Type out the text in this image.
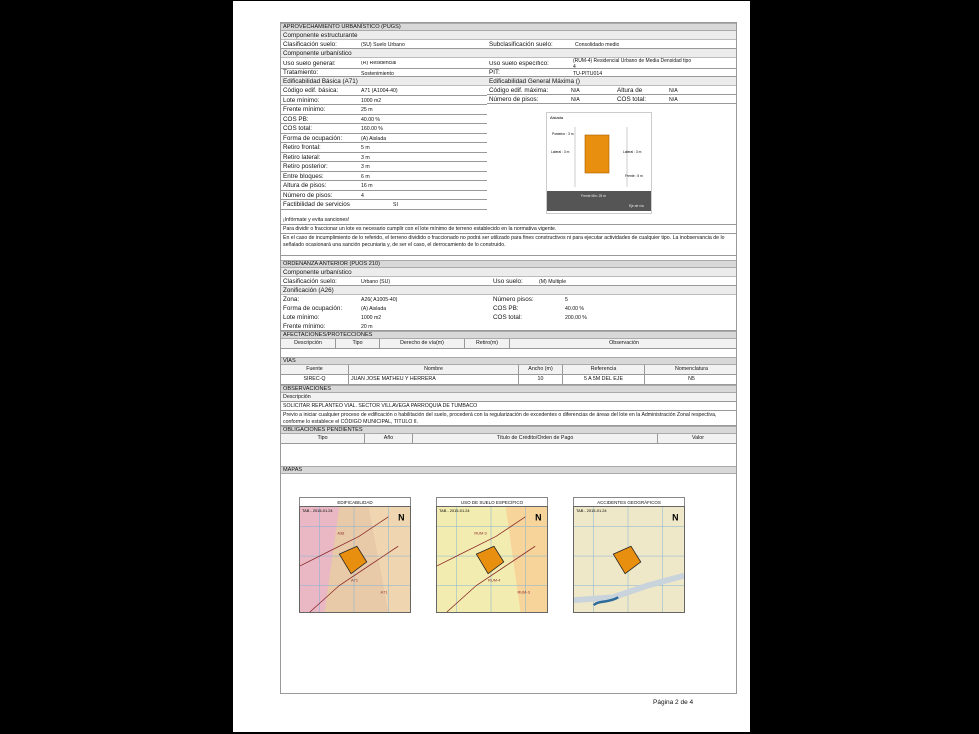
APROVECHAMIENTO URBANÍSTICO (PUGS)
Componente estructurante
Clasificación suelo:	(SU) Suelo Urbano	Subclasificación suelo:	Consolidado medio
Componente urbanístico
Uso suelo general:	(R) Residencial	Uso suelo específico:	(RUM-4) Residencial Urbano de Media Densidad tipo 4
Tratamiento:	Sostenimiento	PIT:	TU-PITU014
Edificabilidad Básica (A71)	Edificabilidad General Máxima ()
Código edif. básica:	A71 (A1004-40)
Lote mínimo:	1000 m2
Frente mínimo:	25 m
COS PB:	40.00 %
COS total:	160.00 %
Forma de ocupación:	(A) Aislada
Retiro frontal:	5 m
Retiro lateral:	3 m
Retiro posterior:	3 m
Entre bloques:	6 m
Altura de pisos:	16 m
Número de pisos:	4
Factibilidad de servicios	SI
Código edif. máxima:	N/A	Altura de	N/A
Número de pisos:	N/A	COS total:	N/A
Aislada
Posterior : 3 m
Lateral : 3 m	Lateral : 3 m
Frente : 5 m
Frente Min: 25 m
Eje de vía
¡Infórmate y evita sanciones!
Para dividir o fraccionar un lote es necesario cumplir con el lote mínimo de terreno establecido en la normativa vigente.
En el caso de incumplimiento de lo referido, el terreno dividido o fraccionado no podrá ser utilizado para fines constructivos ni para ejecutar actividades de cualquier tipo. La inobservancia de lo señalado ocasionará una sanción pecuniaria y, de ser el caso, el derrocamiento de lo construido.
ORDENANZA ANTERIOR (PUOS 210)
Componente urbanístico
Clasificación suelo:	Urbano (SU)	Uso suelo:	(M) Multiple
Zonificación (A26)
Zona:	A26( A1005-40)	Número pisos:	5
Forma de ocupación:	(A) Aislada	COS PB:	40.00 %
Lote mínimo:	1000 m2	COS total:	200.00 %
Frente mínimo:	20 m
AFECTACIONES/PROTECCIONES
Descripción	Tipo	Derecho de vía(m)	Retiro(m)	Observación
VÍAS
Fuente	Nombre	Ancho (m)	Referencia	Nomenclatura
SIREC-Q	JUAN JOSE MATHEU Y HERRERA	10	5 A 5M DEL EJE	N5
OBSERVACIONES
Descripción
SOLICITAR REPLANTEO VIAL. SECTOR VILLAVEGA PARROQUIA DE TUMBACO
Previo a iniciar cualquier proceso de edificación o habilitación del suelo, procederá con la regularización de excedentes o diferencias de áreas del lote en la Administración Zonal respectiva, conforme lo establece el CÓDIGO MUNICIPAL, TITULO II.
OBLIGACIONES PENDIENTES
Tipo	Año	Título de Crédito/Orden de Pago	Valor
MAPAS
EDIFICABILIDAD
TAB - 2015-01.24
A38
A71
A71
N
USO DE SUELO ESPECÍFICO
TAB - 2015-01.24
RUM-3
RUM-4
RUM-3
N
ACCIDENTES GEOGRÁFICOS
TAB - 2015-01.24
N
Página 2 de 4
